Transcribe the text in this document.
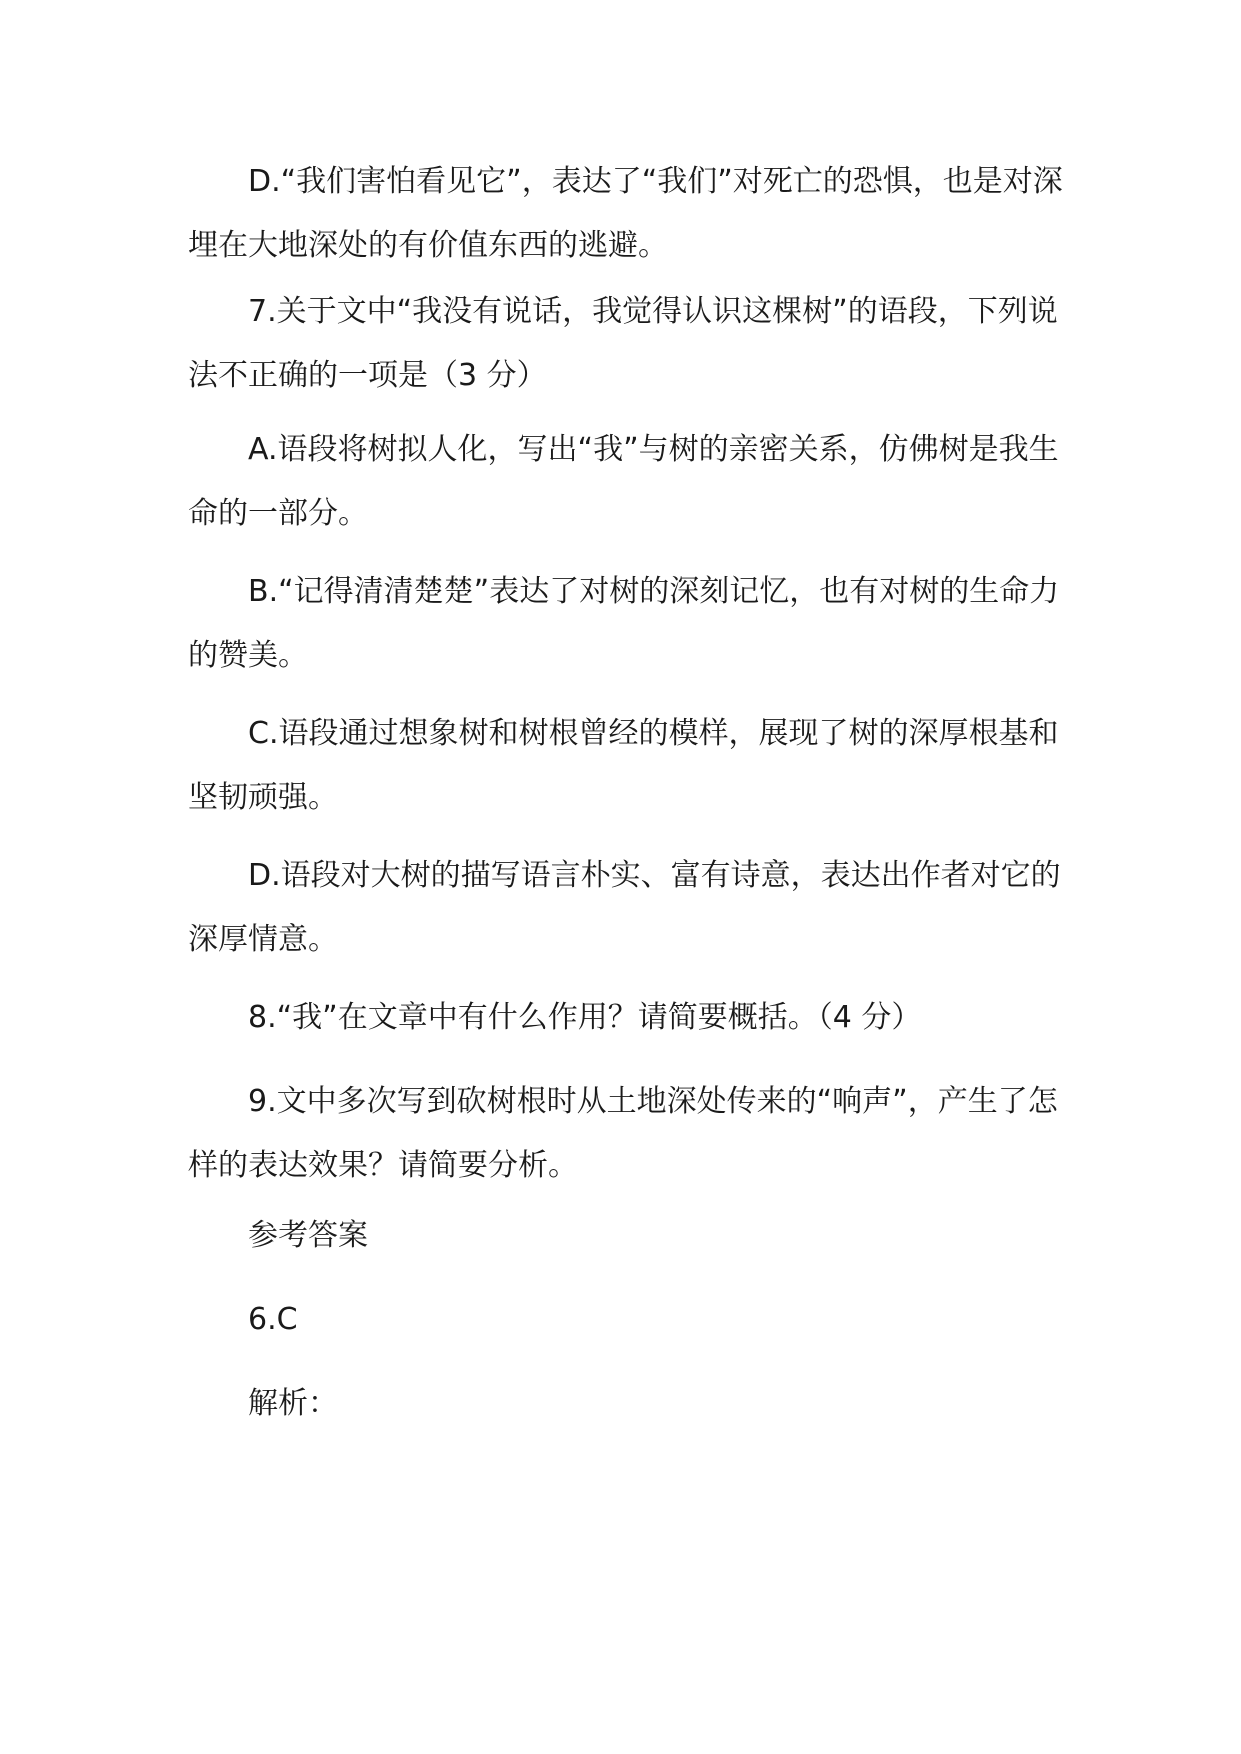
D.“我们害怕看见它”，表达了“我们”对死亡的恐惧，也是对深埋在大地深处的有价值东西的逃避。

7.关于文中“我没有说话，我觉得认识这棵树”的语段，下列说法不正确的一项是（3 分）

A.语段将树拟人化，写出“我”与树的亲密关系，仿佛树是我生命的一部分。

B.“记得清清楚楚”表达了对树的深刻记忆，也有对树的生命力的赞美。

C.语段通过想象树和树根曾经的模样，展现了树的深厚根基和坚韧顽强。

D.语段对大树的描写语言朴实、富有诗意，表达出作者对它的深厚情意。

8.“我”在文章中有什么作用？请简要概括。（4 分）

9.文中多次写到砍树根时从土地深处传来的“响声”，产生了怎样的表达效果？请简要分析。

参考答案

6.C

解析：
